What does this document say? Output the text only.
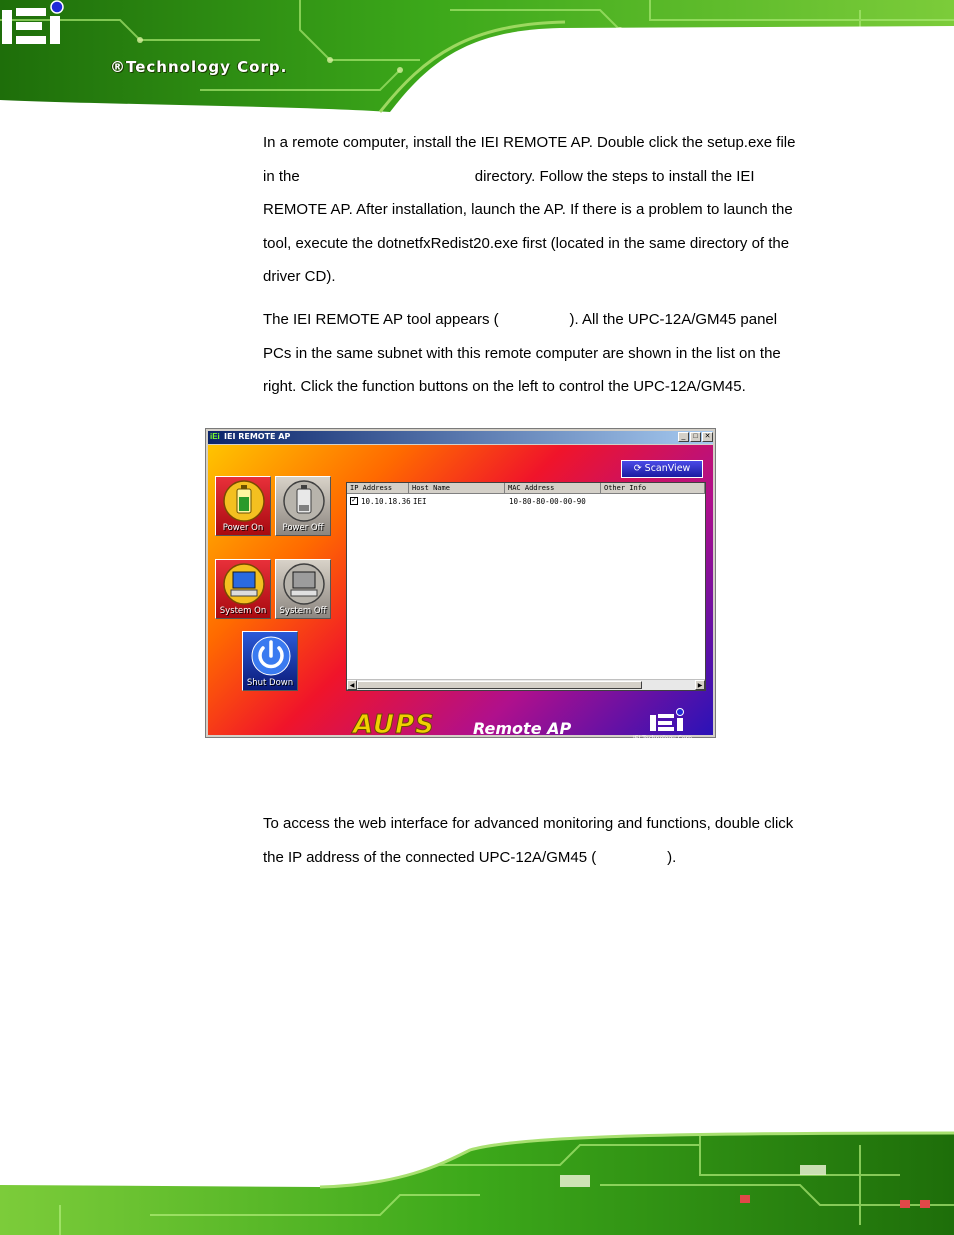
®Technology Corp.
In a remote computer, install the IEI REMOTE AP. Double click the setup.exe file
in the                                          directory. Follow the steps to install the IEI
REMOTE AP. After installation, launch the AP. If there is a problem to launch the
tool, execute the dotnetfxRedist20.exe first (located in the same directory of the
driver CD).
The IEI REMOTE AP tool appears (                 ). All the UPC-12A/GM45 panel
PCs in the same subnet with this remote computer are shown in the list on the
right. Click the function buttons on the left to control the UPC-12A/GM45.
iEi IEI REMOTE AP	_	□ ✕
Power On	Power Off
System On	System Off
Shut Down
⟳ ScanView
IP Address	Host Name	MAC Address	Other Info
✓ 10.10.18.36 IEI	10-80-80-00-00-90
◀	▶
AUPS Remote AP
IEI Technology Corp.
To access the web interface for advanced monitoring and functions, double click
the IP address of the connected UPC-12A/GM45 (                 ).
